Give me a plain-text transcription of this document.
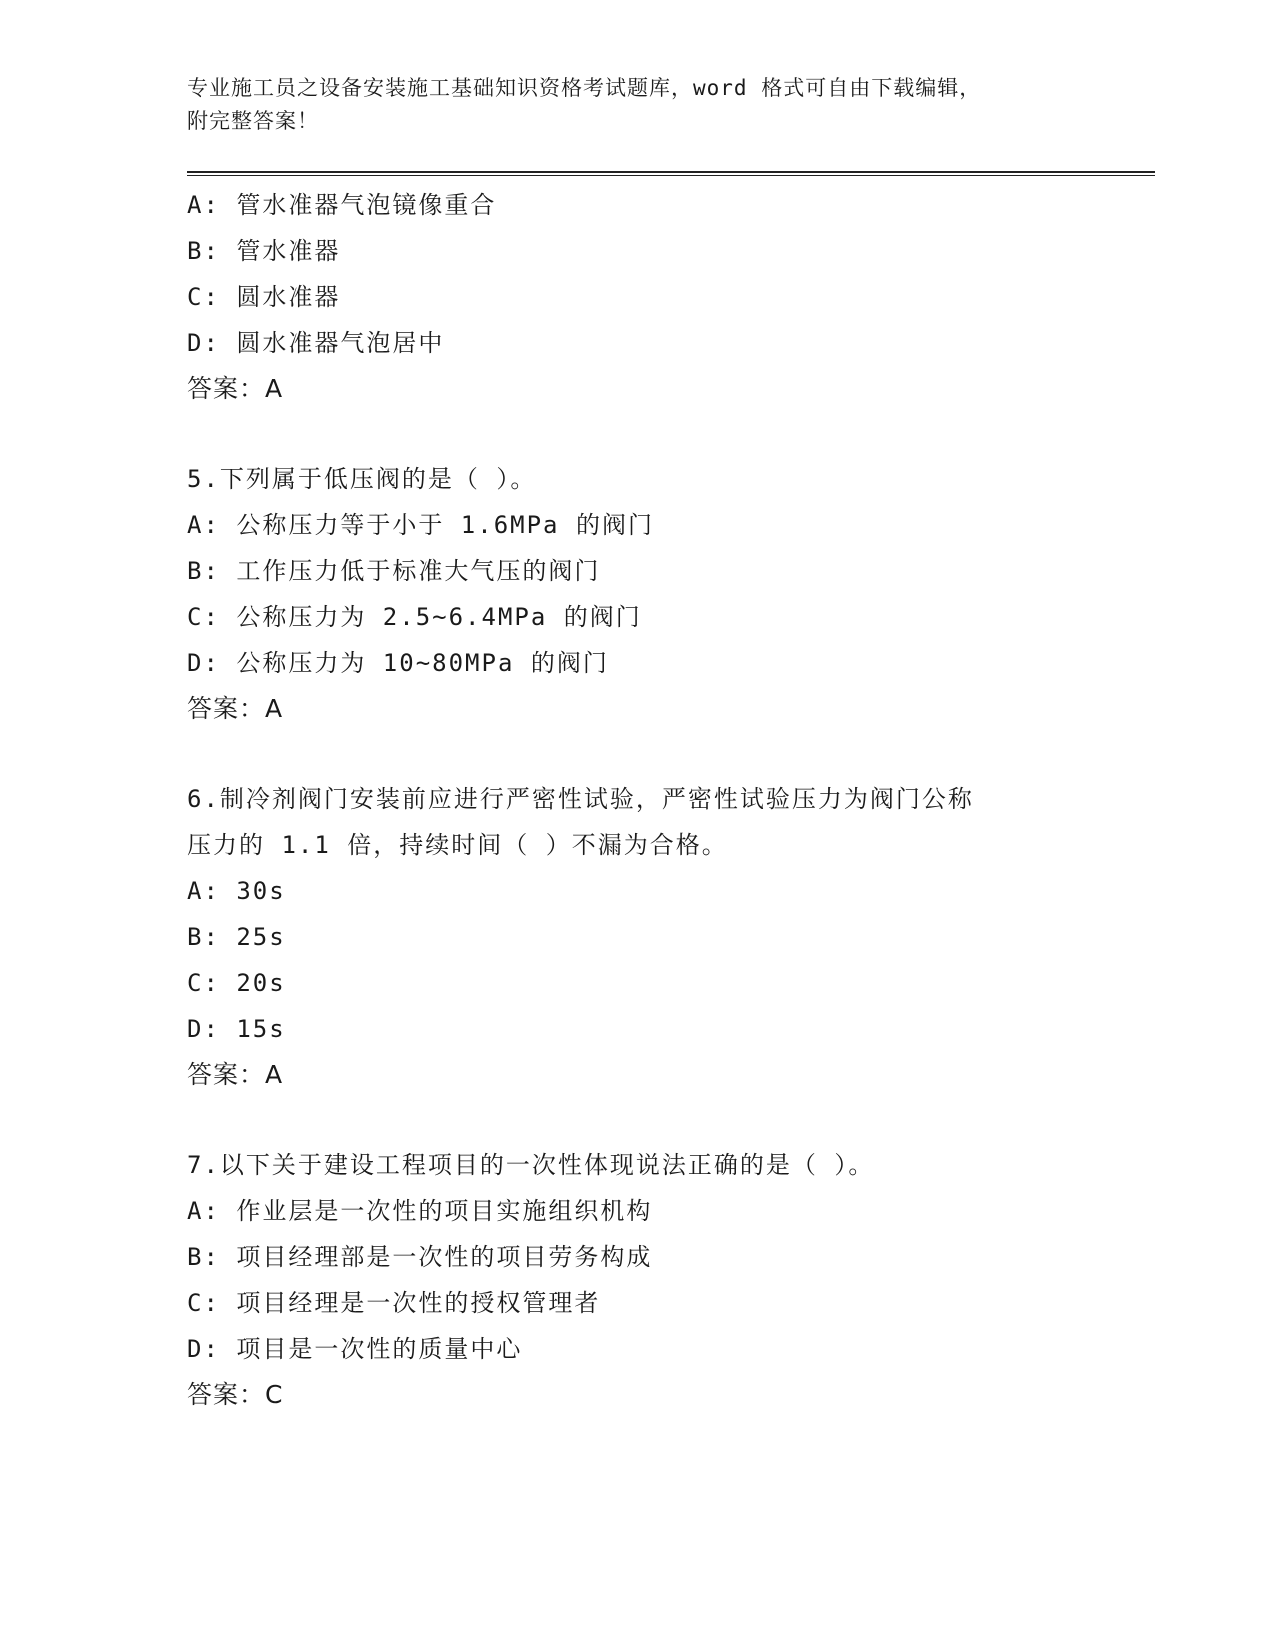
专业施工员之设备安装施工基础知识资格考试题库，word 格式可自由下载编辑，
附完整答案！

A: 管水准器气泡镜像重合
B: 管水准器
C: 圆水准器
D: 圆水准器气泡居中
答案：A
5.下列属于低压阀的是（ ）。
A: 公称压力等于小于 1.6MPa 的阀门
B: 工作压力低于标准大气压的阀门
C: 公称压力为 2.5~6.4MPa 的阀门
D: 公称压力为 10~80MPa 的阀门
答案：A
6.制冷剂阀门安装前应进行严密性试验，严密性试验压力为阀门公称
压力的 1.1 倍，持续时间（ ）不漏为合格。
A: 30s
B: 25s
C: 20s
D: 15s
答案：A
7.以下关于建设工程项目的一次性体现说法正确的是（ ）。
A: 作业层是一次性的项目实施组织机构
B: 项目经理部是一次性的项目劳务构成
C: 项目经理是一次性的授权管理者
D: 项目是一次性的质量中心
答案：C
